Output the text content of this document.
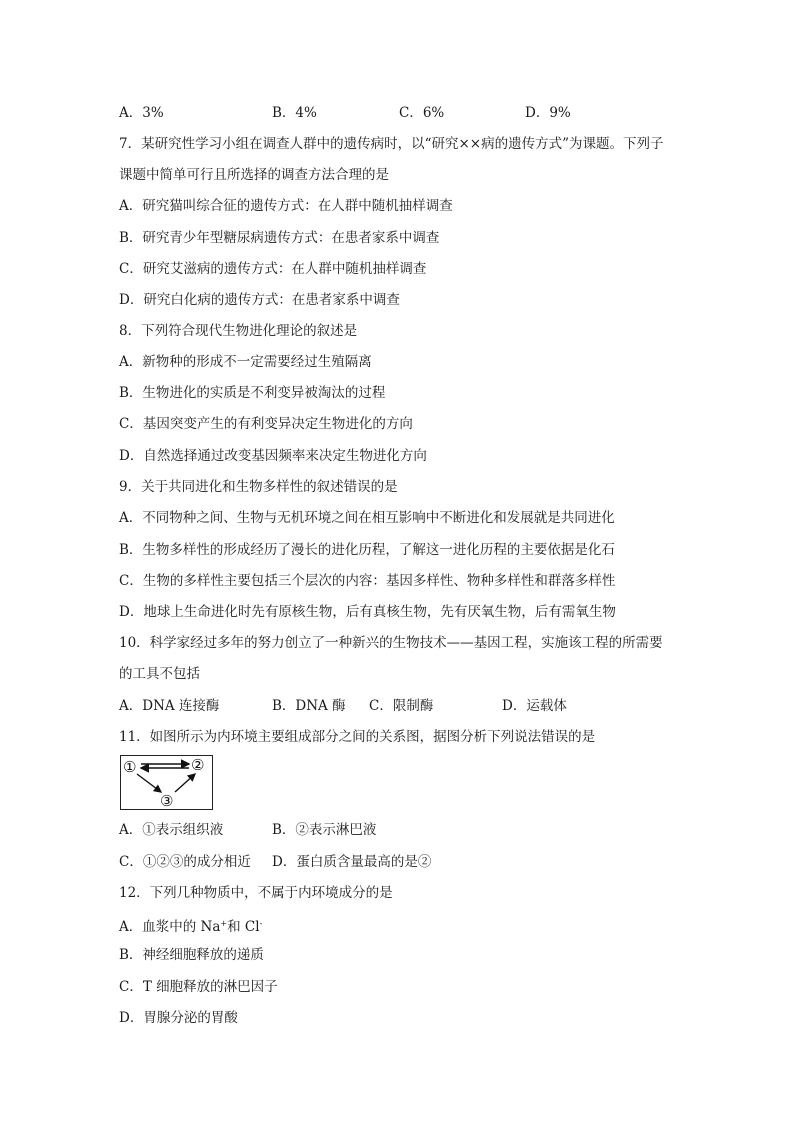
A．3%	B．4%	C．6%	D．9%
7．某研究性学习小组在调查人群中的遗传病时，以“研究××病的遗传方式”为课题。下列子
课题中简单可行且所选择的调查方法合理的是
A．研究猫叫综合征的遗传方式：在人群中随机抽样调查
B．研究青少年型糖尿病遗传方式：在患者家系中调查
C．研究艾滋病的遗传方式：在人群中随机抽样调查
D．研究白化病的遗传方式：在患者家系中调查
8．下列符合现代生物进化理论的叙述是
A．新物种的形成不一定需要经过生殖隔离
B．生物进化的实质是不利变异被淘汰的过程
C．基因突变产生的有利变异决定生物进化的方向
D．自然选择通过改变基因频率来决定生物进化方向
9．关于共同进化和生物多样性的叙述错误的是
A．不同物种之间、生物与无机环境之间在相互影响中不断进化和发展就是共同进化
B．生物多样性的形成经历了漫长的进化历程，了解这一进化历程的主要依据是化石
C．生物的多样性主要包括三个层次的内容：基因多样性、物种多样性和群落多样性
D．地球上生命进化时先有原核生物，后有真核生物，先有厌氧生物，后有需氧生物
10．科学家经过多年的努力创立了一种新兴的生物技术——基因工程，实施该工程的所需要
的工具不包括
A．DNA 连接酶	B．DNA 酶 C．限制酶	D．运载体
11．如图所示为内环境主要组成部分之间的关系图，据图分析下列说法错误的是
①	②
③
A．①表示组织液	B．②表示淋巴液
C．①②③的成分相近 D．蛋白质含量最高的是②
12．下列几种物质中，不属于内环境成分的是
A．血浆中的 Na+和 Cl-
B．神经细胞释放的递质
C．T 细胞释放的淋巴因子
D．胃腺分泌的胃酸
